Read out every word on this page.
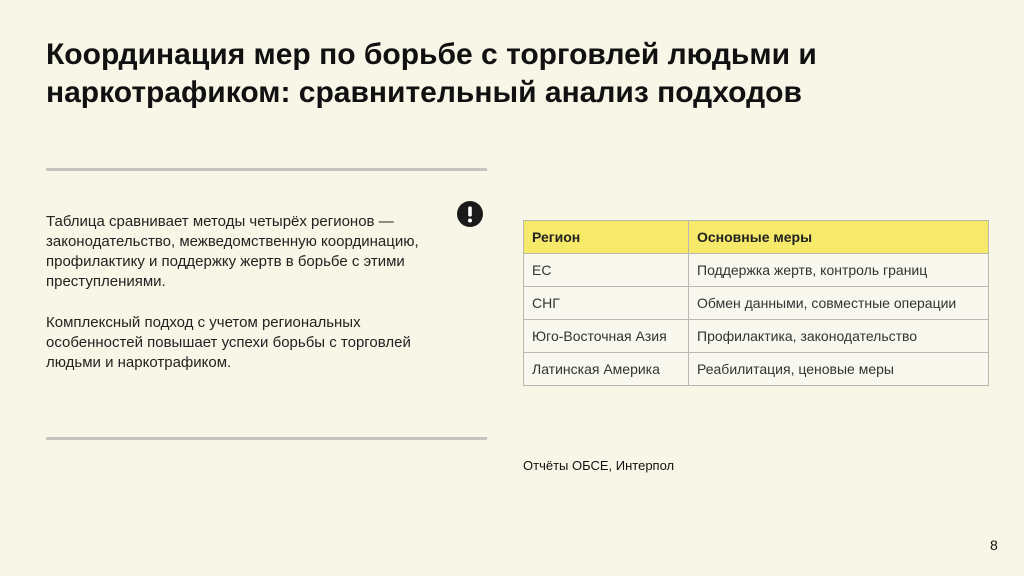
Координация мер по борьбе с торговлей людьми и наркотрафиком: сравнительный анализ подходов
Таблица сравнивает методы четырёх регионов — законодательство, межведомственную координацию, профилактику и поддержку жертв в борьбе с этими преступлениями.
Комплексный подход с учетом региональных особенностей повышает успехи борьбы с торговлей людьми и наркотрафиком.
Регион	Основные меры
ЕС	Поддержка жертв, контроль границ
СНГ	Обмен данными, совместные операции
Юго-Восточная Азия	Профилактика, законодательство
Латинская Америка	Реабилитация, ценовые меры
Отчёты ОБСЕ, Интерпол
8
